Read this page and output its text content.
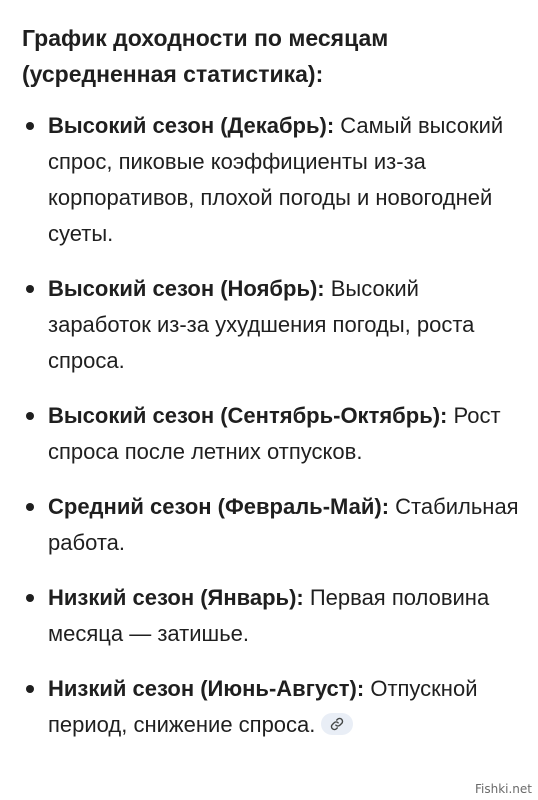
График доходности по месяцам (усредненная статистика):
Высокий сезон (Декабрь): Самый высокий спрос, пиковые коэффициенты из-за корпоративов, плохой погоды и новогодней суеты.
Высокий сезон (Ноябрь): Высокий заработок из-за ухудшения погоды, роста спроса.
Высокий сезон (Сентябрь-Октябрь): Рост спроса после летних отпусков.
Средний сезон (Февраль-Май): Стабильная работа.
Низкий сезон (Январь): Первая половина месяца — затишье.
Низкий сезон (Июнь-Август): Отпускной период, снижение спроса.
Fishki.net
